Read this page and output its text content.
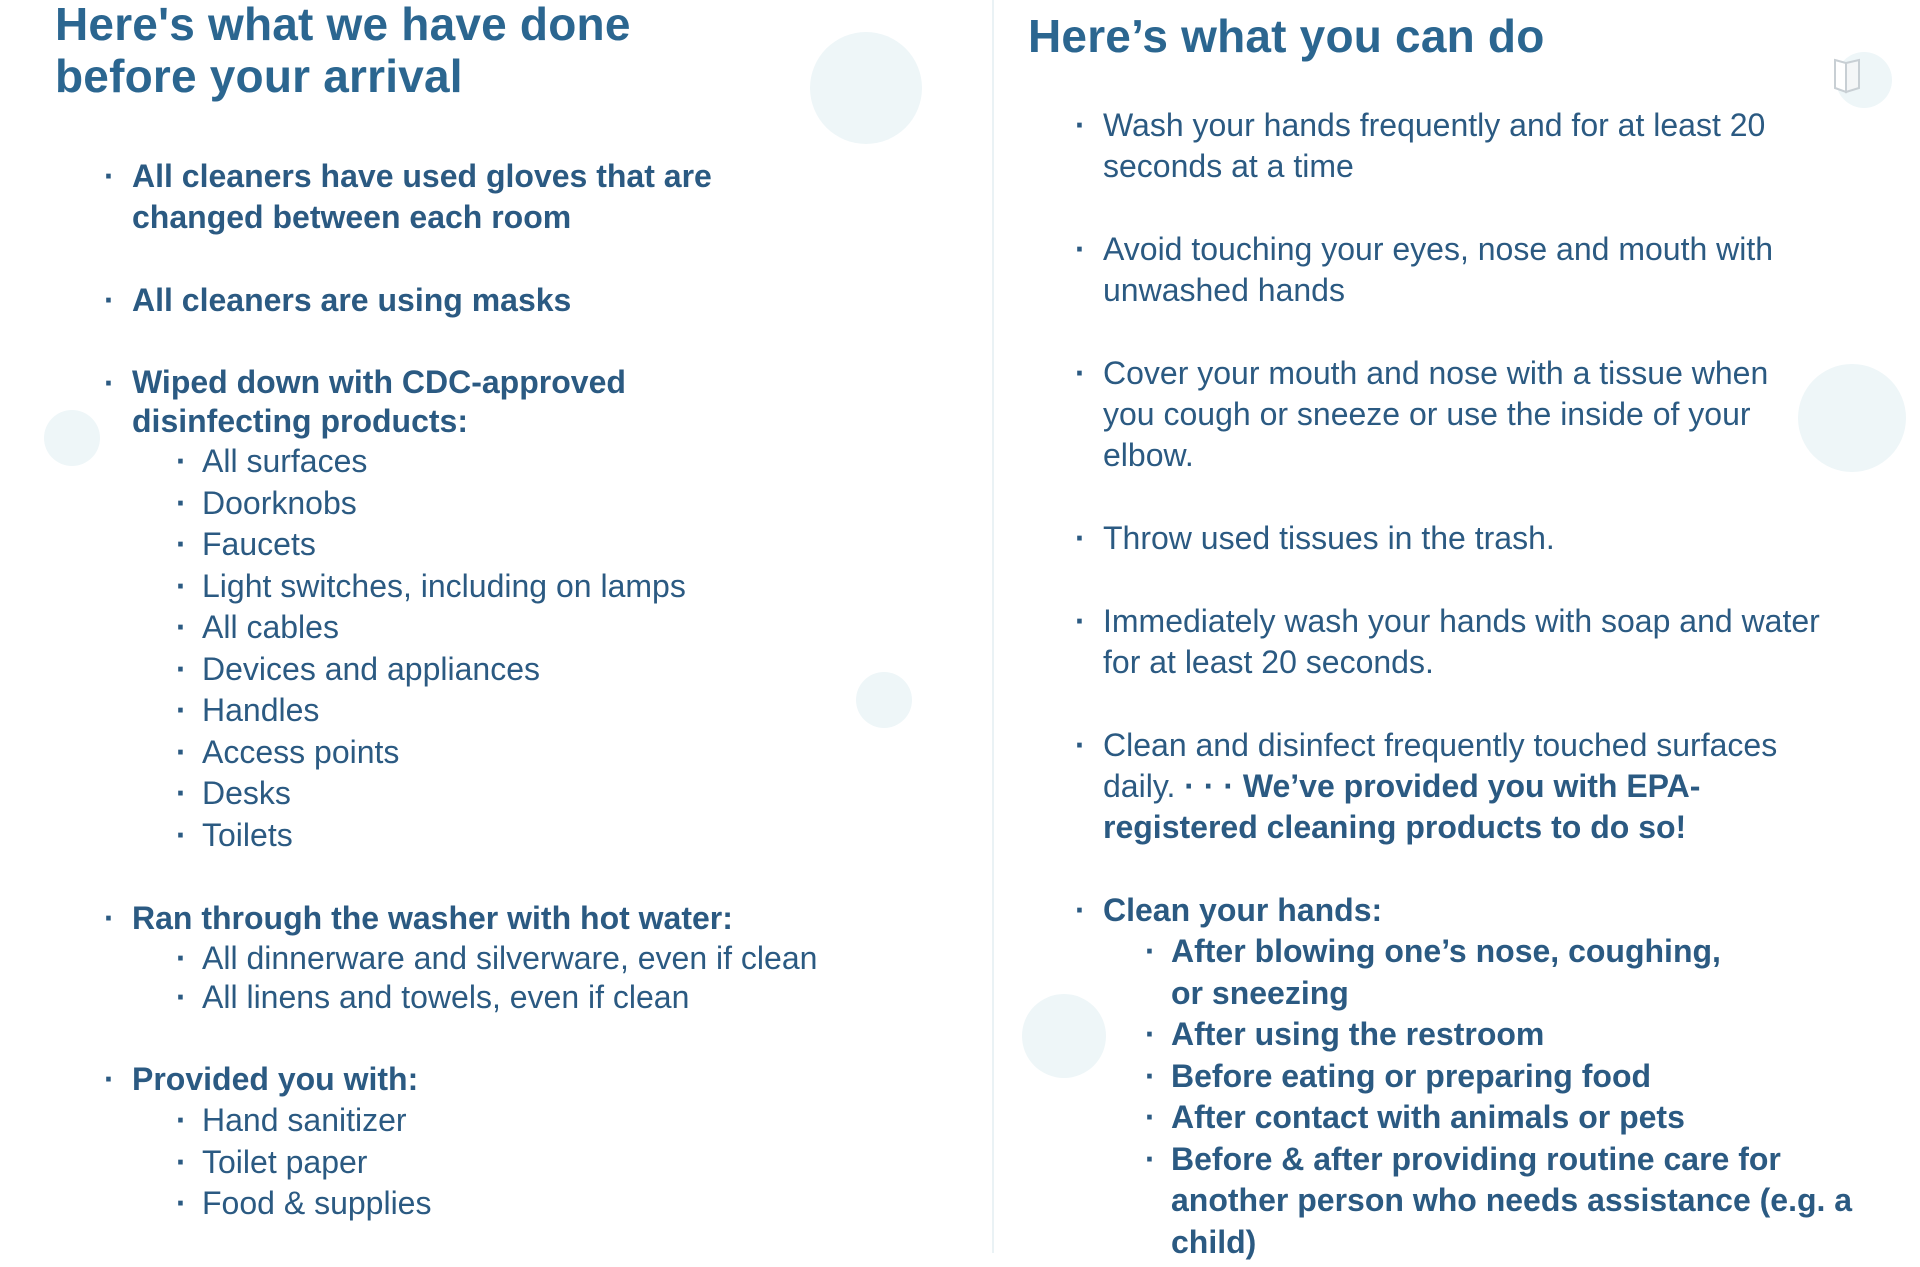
Here's what we have done
before your arrival
· All cleaners have used gloves that are changed between each room
· All cleaners are using masks
· Wiped down with CDC-approved disinfecting products:
· All surfaces
· Doorknobs
· Faucets
· Light switches, including on lamps
· All cables
· Devices and appliances
· Handles
· Access points
· Desks
· Toilets
· Ran through the washer with hot water:
· All dinnerware and silverware, even if clean
· All linens and towels, even if clean
· Provided you with:
· Hand sanitizer
· Toilet paper
· Food & supplies
Here’s what you can do
· Wash your hands frequently and for at least 20 seconds at a time
· Avoid touching your eyes, nose and mouth with unwashed hands
· Cover your mouth and nose with a tissue when you cough or sneeze or use the inside of your elbow.
· Throw used tissues in the trash.
· Immediately wash your hands with soap and water for at least 20 seconds.
· Clean and disinfect frequently touched surfaces daily. · · · We’ve provided you with EPA-registered cleaning products to do so!
· Clean your hands:
· After blowing one’s nose, coughing, or sneezing
· After using the restroom
· Before eating or preparing food
· After contact with animals or pets
· Before & after providing routine care for another person who needs assistance (e.g. a child)
